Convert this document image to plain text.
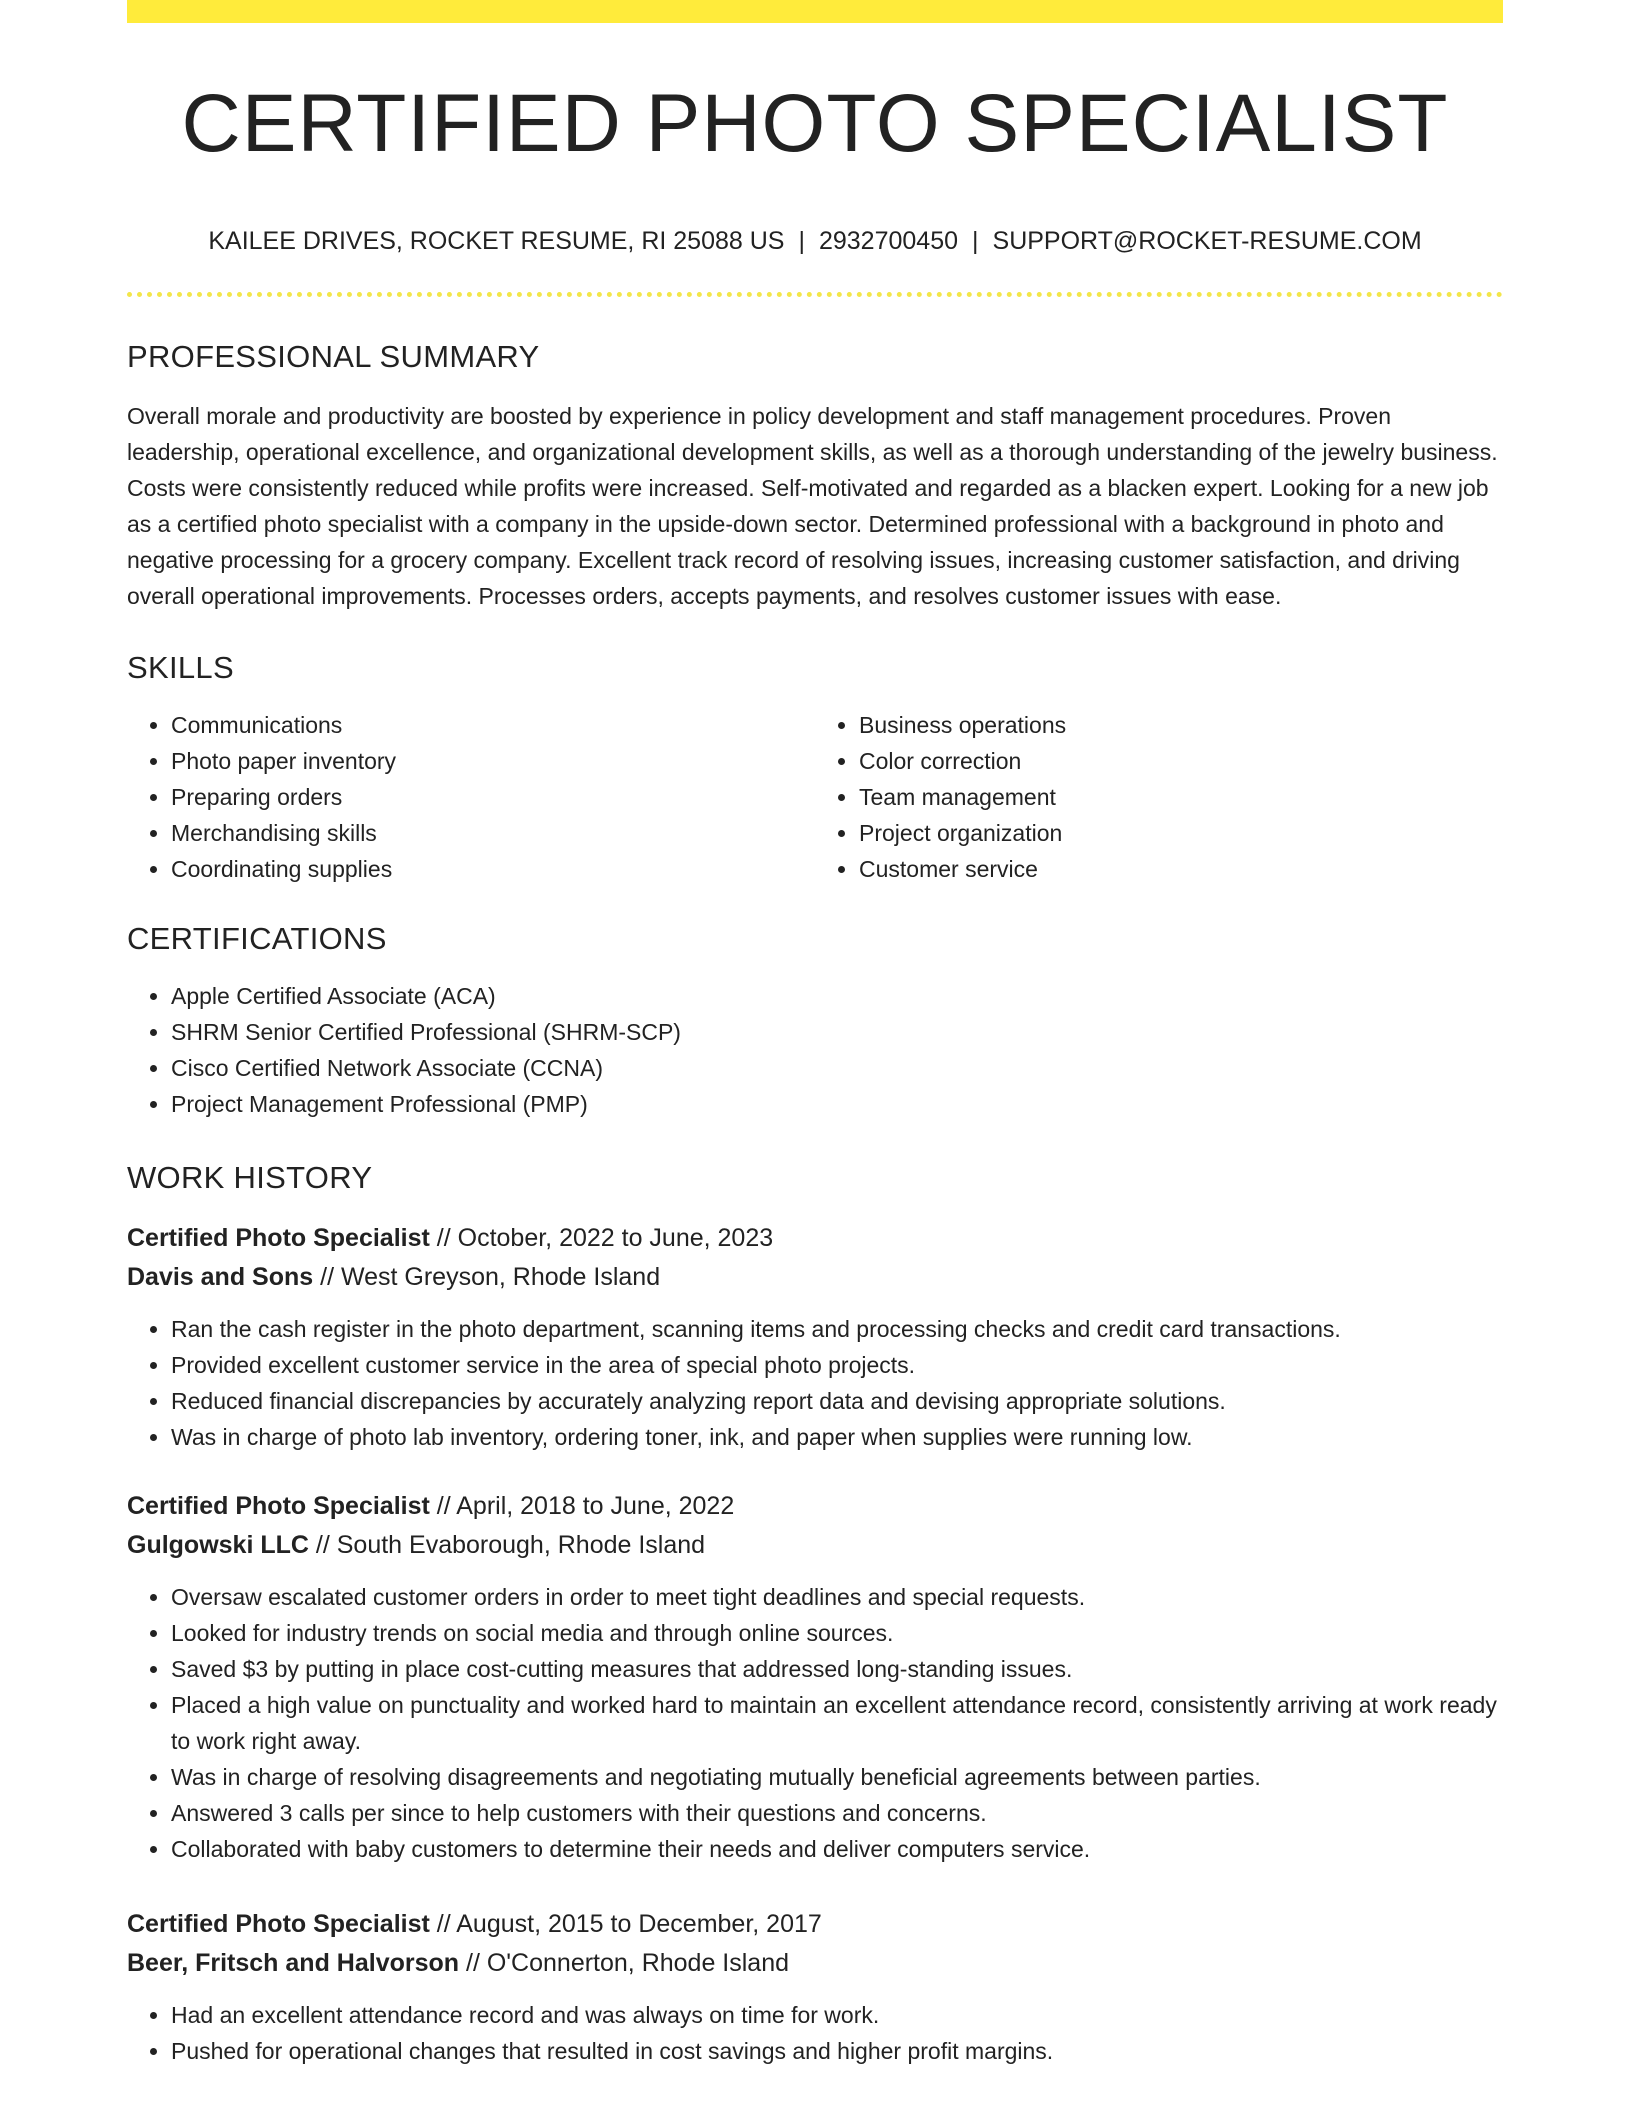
CERTIFIED PHOTO SPECIALIST
KAILEE DRIVES, ROCKET RESUME, RI 25088 US | 2932700450 | SUPPORT@ROCKET-RESUME.COM
PROFESSIONAL SUMMARY
Overall morale and productivity are boosted by experience in policy development and staff management procedures. Proven leadership, operational excellence, and organizational development skills, as well as a thorough understanding of the jewelry business. Costs were consistently reduced while profits were increased. Self-motivated and regarded as a blacken expert. Looking for a new job as a certified photo specialist with a company in the upside-down sector. Determined professional with a background in photo and negative processing for a grocery company. Excellent track record of resolving issues, increasing customer satisfaction, and driving overall operational improvements. Processes orders, accepts payments, and resolves customer issues with ease.
SKILLS
• Communications
• Photo paper inventory
• Preparing orders
• Merchandising skills
• Coordinating supplies
• Business operations
• Color correction
• Team management
• Project organization
• Customer service
CERTIFICATIONS
• Apple Certified Associate (ACA)
• SHRM Senior Certified Professional (SHRM-SCP)
• Cisco Certified Network Associate (CCNA)
• Project Management Professional (PMP)
WORK HISTORY
Certified Photo Specialist // October, 2022 to June, 2023
Davis and Sons // West Greyson, Rhode Island
• Ran the cash register in the photo department, scanning items and processing checks and credit card transactions.
• Provided excellent customer service in the area of special photo projects.
• Reduced financial discrepancies by accurately analyzing report data and devising appropriate solutions.
• Was in charge of photo lab inventory, ordering toner, ink, and paper when supplies were running low.
Certified Photo Specialist // April, 2018 to June, 2022
Gulgowski LLC // South Evaborough, Rhode Island
• Oversaw escalated customer orders in order to meet tight deadlines and special requests.
• Looked for industry trends on social media and through online sources.
• Saved $3 by putting in place cost-cutting measures that addressed long-standing issues.
• Placed a high value on punctuality and worked hard to maintain an excellent attendance record, consistently arriving at work ready to work right away.
• Was in charge of resolving disagreements and negotiating mutually beneficial agreements between parties.
• Answered 3 calls per since to help customers with their questions and concerns.
• Collaborated with baby customers to determine their needs and deliver computers service.
Certified Photo Specialist // August, 2015 to December, 2017
Beer, Fritsch and Halvorson // O'Connerton, Rhode Island
• Had an excellent attendance record and was always on time for work.
• Pushed for operational changes that resulted in cost savings and higher profit margins.
